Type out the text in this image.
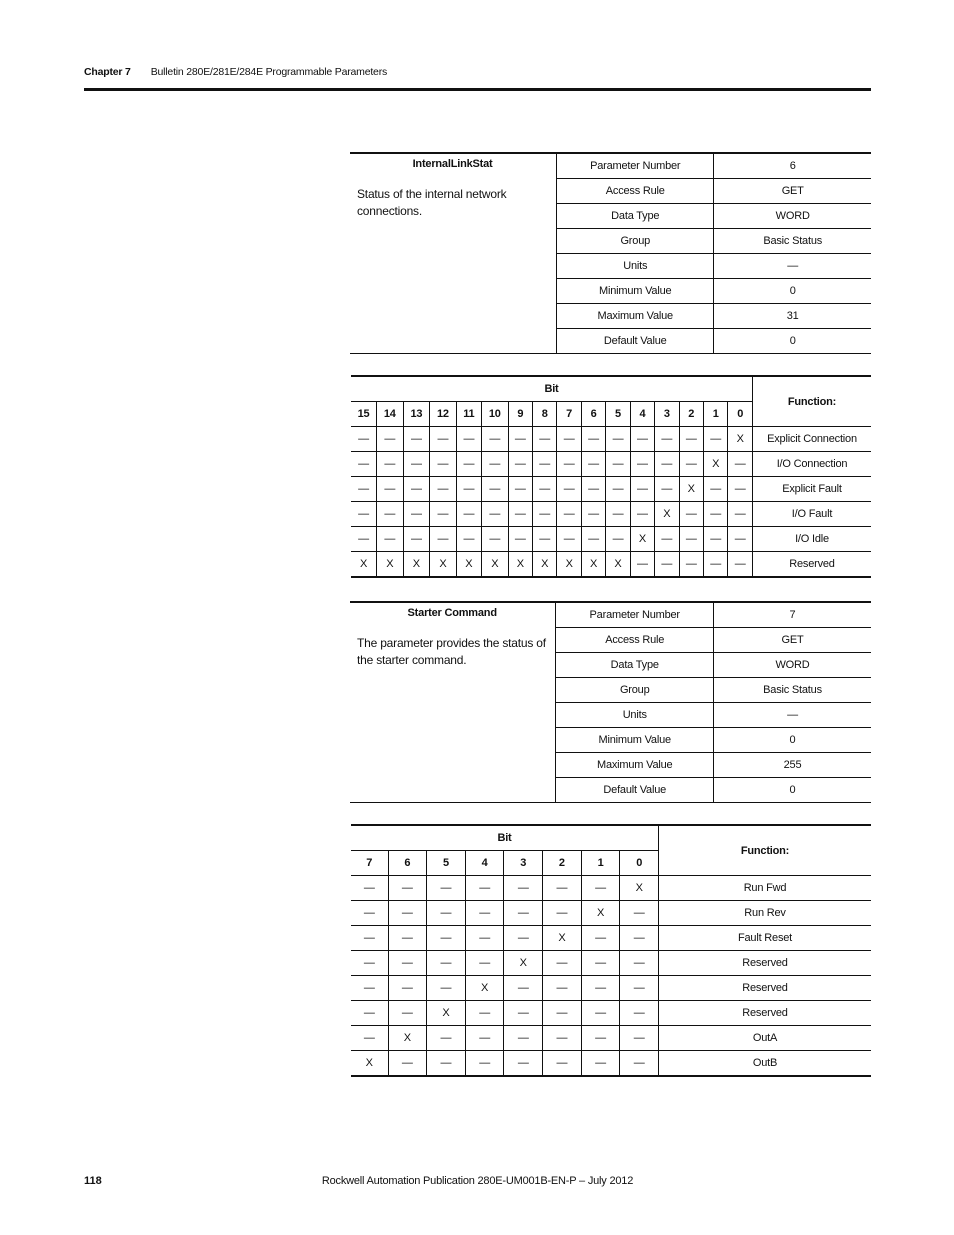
Chapter 7 Bulletin 280E/281E/284E Programmable Parameters
InternalLinkStat
Status of the internal network connections.	Parameter Number	6
	Access Rule	GET
	Data Type	WORD
	Group	Basic Status
	Units	—
	Minimum Value	0
	Maximum Value	31
	Default Value	0
Bit																Function:
15	14	13	12	11	10	9	8	7	6	5	4	3	2	1	0	
—	—	—	—	—	—	—	—	—	—	—	—	—	—	—	X	Explicit Connection
—	—	—	—	—	—	—	—	—	—	—	—	—	—	X	—	I/O Connection
—	—	—	—	—	—	—	—	—	—	—	—	—	X	—	—	Explicit Fault
—	—	—	—	—	—	—	—	—	—	—	—	X	—	—	—	I/O Fault
—	—	—	—	—	—	—	—	—	—	—	X	—	—	—	—	I/O Idle
X	X	X	X	X	X	X	X	X	X	X	—	—	—	—	—	Reserved
Starter Command
The parameter provides the status of the starter command.	Parameter Number	7
	Access Rule	GET
	Data Type	WORD
	Group	Basic Status
	Units	—
	Minimum Value	0
	Maximum Value	255
	Default Value	0
Bit								Function:
7	6	5	4	3	2	1	0	
—	—	—	—	—	—	—	X	Run Fwd
—	—	—	—	—	—	X	—	Run Rev
—	—	—	—	—	X	—	—	Fault Reset
—	—	—	—	X	—	—	—	Reserved
—	—	—	X	—	—	—	—	Reserved
—	—	X	—	—	—	—	—	Reserved
—	X	—	—	—	—	—	—	OutA
X	—	—	—	—	—	—	—	OutB
118	Rockwell Automation Publication 280E-UM001B-EN-P – July 2012
